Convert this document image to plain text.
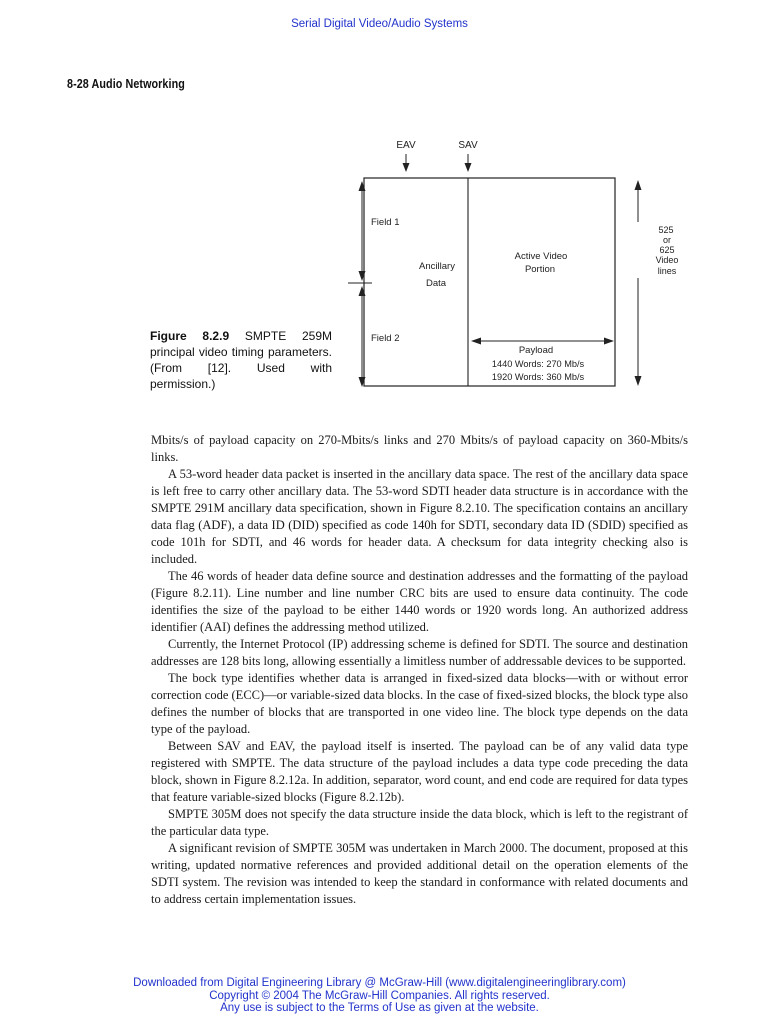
Serial Digital Video/Audio Systems
8-28 Audio Networking
Figure 8.2.9 SMPTE 259M principal video timing parameters. (From [12]. Used with permission.)
EAV	SAV
Field 1
Field 2
Ancillary
Data
Active Video
Portion
Payload
1440 Words: 270 Mb/s
1920 Words: 360 Mb/s
525
or
625
Video
lines

Mbits/s of payload capacity on 270-Mbits/s links and 270 Mbits/s of payload capacity on 360-Mbits/s links.

A 53-word header data packet is inserted in the ancillary data space. The rest of the ancillary data space is left free to carry other ancillary data. The 53-word SDTI header data structure is in accordance with the SMPTE 291M ancillary data specification, shown in Figure 8.2.10. The specification contains an ancillary data flag (ADF), a data ID (DID) specified as code 140h for SDTI, secondary data ID (SDID) specified as code 101h for SDTI, and 46 words for header data. A checksum for data integrity checking also is included.

The 46 words of header data define source and destination addresses and the formatting of the payload (Figure 8.2.11). Line number and line number CRC bits are used to ensure data continuity. The code identifies the size of the payload to be either 1440 words or 1920 words long. An authorized address identifier (AAI) defines the addressing method utilized.

Currently, the Internet Protocol (IP) addressing scheme is defined for SDTI. The source and destination addresses are 128 bits long, allowing essentially a limitless number of addressable devices to be supported.

The bock type identifies whether data is arranged in fixed-sized data blocks—with or without error correction code (ECC)—or variable-sized data blocks. In the case of fixed-sized blocks, the block type also defines the number of blocks that are transported in one video line. The block type depends on the data type of the payload.

Between SAV and EAV, the payload itself is inserted. The payload can be of any valid data type registered with SMPTE. The data structure of the payload includes a data type code preceding the data block, shown in Figure 8.2.12a. In addition, separator, word count, and end code are required for data types that feature variable-sized blocks (Figure 8.2.12b).

SMPTE 305M does not specify the data structure inside the data block, which is left to the registrant of the particular data type.

A significant revision of SMPTE 305M was undertaken in March 2000. The document, proposed at this writing, updated normative references and provided additional detail on the operation elements of the SDTI system. The revision was intended to keep the standard in conformance with related documents and to address certain implementation issues.

Downloaded from Digital Engineering Library @ McGraw-Hill (www.digitalengineeringlibrary.com)
Copyright © 2004 The McGraw-Hill Companies. All rights reserved.
Any use is subject to the Terms of Use as given at the website.
